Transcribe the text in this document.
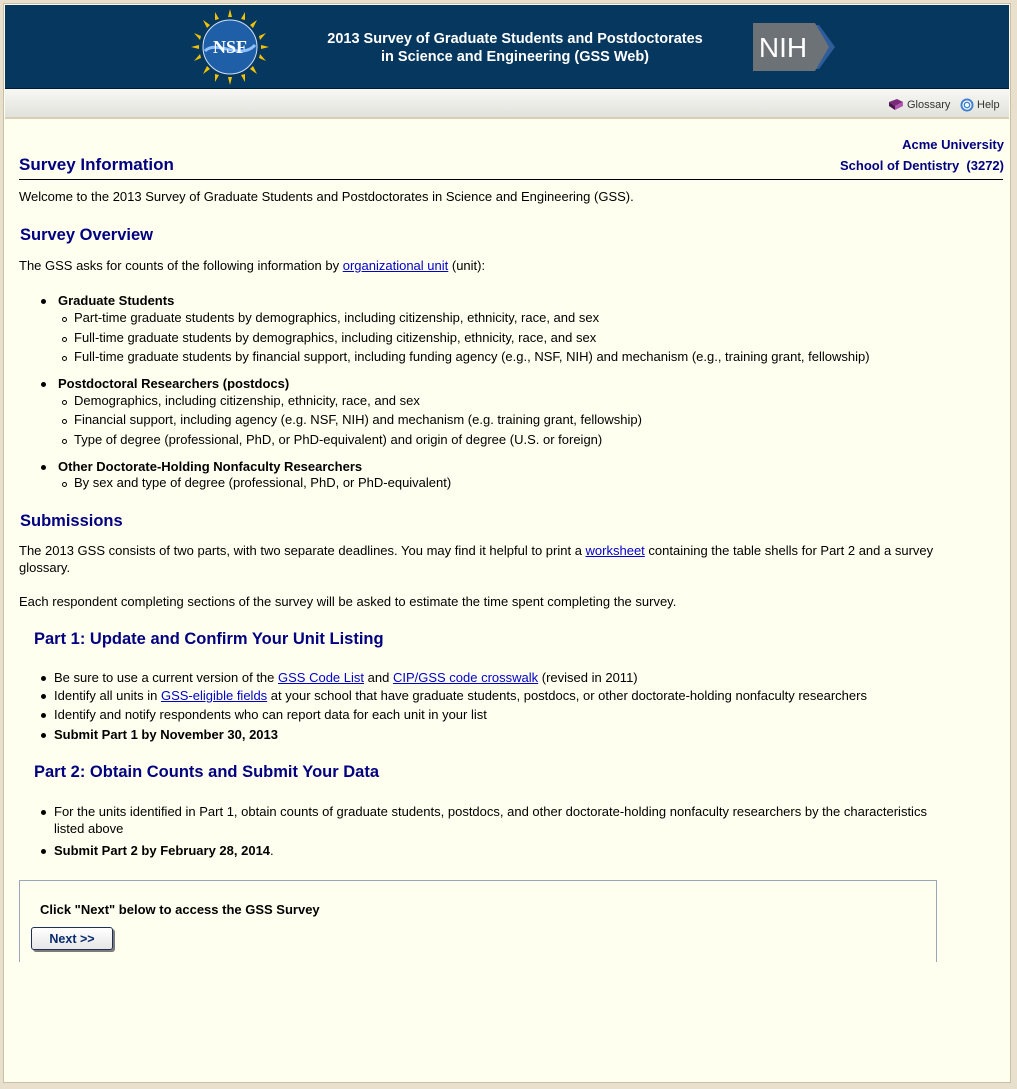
NSF	2013 Survey of Graduate Students and Postdoctorates
in Science and Engineering (GSS Web)	NIH
Glossary Help
Acme University
School of Dentistry  (3272)
Survey Information

Welcome to the 2013 Survey of Graduate Students and Postdoctorates in Science and Engineering (GSS).

Survey Overview

The GSS asks for counts of the following information by organizational unit (unit):

Graduate Students
Part-time graduate students by demographics, including citizenship, ethnicity, race, and sex
Full-time graduate students by demographics, including citizenship, ethnicity, race, and sex
Full-time graduate students by financial support, including funding agency (e.g., NSF, NIH) and mechanism (e.g., training grant, fellowship)
Postdoctoral Researchers (postdocs)
Demographics, including citizenship, ethnicity, race, and sex
Financial support, including agency (e.g. NSF, NIH) and mechanism (e.g. training grant, fellowship)
Type of degree (professional, PhD, or PhD-equivalent) and origin of degree (U.S. or foreign)
Other Doctorate-Holding Nonfaculty Researchers
By sex and type of degree (professional, PhD, or PhD-equivalent)
Submissions

The 2013 GSS consists of two parts, with two separate deadlines. You may find it helpful to print a worksheet containing the table shells for Part 2 and a survey glossary.

Each respondent completing sections of the survey will be asked to estimate the time spent completing the survey.

Part 1: Update and Confirm Your Unit Listing
Be sure to use a current version of the GSS Code List and CIP/GSS code crosswalk (revised in 2011)
Identify all units in GSS-eligible fields at your school that have graduate students, postdocs, or other doctorate-holding nonfaculty researchers
Identify and notify respondents who can report data for each unit in your list
Submit Part 1 by November 30, 2013
Part 2: Obtain Counts and Submit Your Data
For the units identified in Part 1, obtain counts of graduate students, postdocs, and other doctorate-holding nonfaculty researchers by the characteristics
listed above
Submit Part 2 by February 28, 2014.
Click "Next" below to access the GSS Survey
Next >>
